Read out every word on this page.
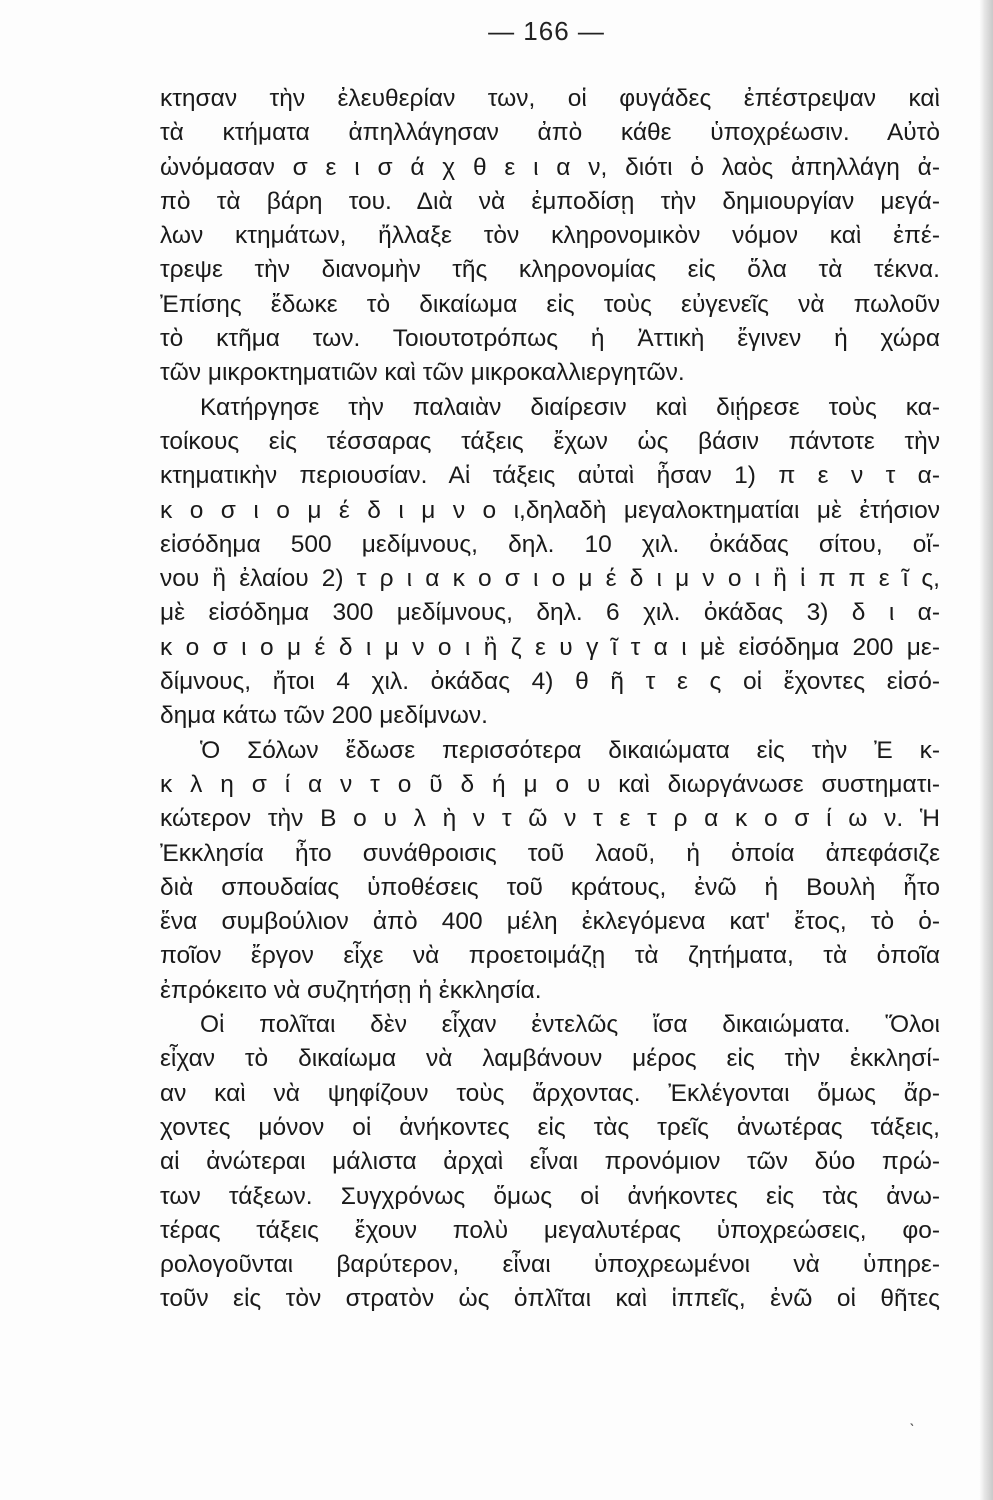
— 166 —
κτησαν τὴν ἐλευθερίαν των, οἱ φυγάδες ἐπέστρεψαν καὶ
τὰ κτήματα ἀπηλλάγησαν ἀπὸ κάθε ὑποχρέωσιν. Αὐτὸ
ὠνόμασαν σ ε ι σ ά χ θ ε ι α ν, διότι ὁ λαὸς ἀπηλλάγη ἀ-
πὸ τὰ βάρη του. Διὰ νὰ ἐμποδίσῃ τὴν δημιουργίαν μεγά-
λων κτημάτων, ἤλλαξε τὸν κληρονομικὸν νόμον καὶ ἐπέ-
τρεψε τὴν διανομὴν τῆς κληρονομίας εἰς ὅλα τὰ τέκνα.
Ἐπίσης ἔδωκε τὸ δικαίωμα εἰς τοὺς εὐγενεῖς νὰ πωλοῦν
τὸ κτῆμα των. Τοιουτοτρόπως ἡ Ἀττικὴ ἔγινεν ἡ χώρα
τῶν μικροκτηματιῶν καὶ τῶν μικροκαλλιεργητῶν.
Κατήργησε τὴν παλαιὰν διαίρεσιν καὶ διῄρεσε τοὺς κα-
τοίκους εἰς τέσσαρας τάξεις ἔχων ὡς βάσιν πάντοτε τὴν
κτηματικὴν περιουσίαν. Αἱ τάξεις αὐταὶ ἦσαν 1) π ε ν τ α-
κ ο σ ι ο μ έ δ ι μ ν ο ι,δηλαδὴ μεγαλοκτηματίαι μὲ ἐτήσιον
εἰσόδημα 500 μεδίμνους, δηλ. 10 χιλ. ὀκάδας σίτου, οἴ-
νου ἢ ἐλαίου 2) τ ρ ι α κ ο σ ι ο μ έ δ ι μ ν ο ι ἢ ἱ π π ε ῖ ς,
μὲ εἰσόδημα 300 μεδίμνους, δηλ. 6 χιλ. ὀκάδας 3) δ ι α-
κ ο σ ι ο μ έ δ ι μ ν ο ι ἢ ζ ε υ γ ῖ τ α ι μὲ εἰσόδημα 200 με-
δίμνους, ἤτοι 4 χιλ. ὀκάδας 4) θ ῆ τ ε ς οἱ ἔχοντες εἰσό-
δημα κάτω τῶν 200 μεδίμνων.
Ὁ Σόλων ἔδωσε περισσότερα δικαιώματα εἰς τὴν Ἐ κ-
κ λ η σ ί α ν τ ο ῦ δ ή μ ο υ καὶ διωργάνωσε συστηματι-
κώτερον τὴν Β ο υ λ ὴ ν τ ῶ ν τ ε τ ρ α κ ο σ ί ω ν. Ἡ
Ἐκκλησία ἦτο συνάθροισις τοῦ λαοῦ, ἡ ὁποία ἀπεφάσιζε
διὰ σπουδαίας ὑποθέσεις τοῦ κράτους, ἐνῶ ἡ Βουλὴ ἦτο
ἕνα συμβούλιον ἀπὸ 400 μέλη ἐκλεγόμενα κατ' ἔτος, τὸ ὁ-
ποῖον ἔργον εἶχε νὰ προετοιμάζῃ τὰ ζητήματα, τὰ ὁποῖα
ἐπρόκειτο νὰ συζητήσῃ ἡ ἐκκλησία.
Οἱ πολῖται δὲν εἶχαν ἐντελῶς ἴσα δικαιώματα. Ὅλοι
εἶχαν τὸ δικαίωμα νὰ λαμβάνουν μέρος εἰς τὴν ἐκκλησί-
αν καὶ νὰ ψηφίζουν τοὺς ἄρχοντας. Ἐκλέγονται ὅμως ἄρ-
χοντες μόνον οἱ ἀνήκοντες εἰς τὰς τρεῖς ἀνωτέρας τάξεις,
αἱ ἀνώτεραι μάλιστα ἀρχαὶ εἶναι προνόμιον τῶν δύο πρώ-
των τάξεων. Συγχρόνως ὅμως οἱ ἀνήκοντες εἰς τὰς ἀνω-
τέρας τάξεις ἔχουν πολὺ μεγαλυτέρας ὑποχρεώσεις, φο-
ρολογοῦνται βαρύτερον, εἶναι ὑποχρεωμένοι νὰ ὑπηρε-
τοῦν εἰς τὸν στρατὸν ὡς ὁπλῖται καὶ ἱππεῖς, ἐνῶ οἱ θῆτες
ˋ
